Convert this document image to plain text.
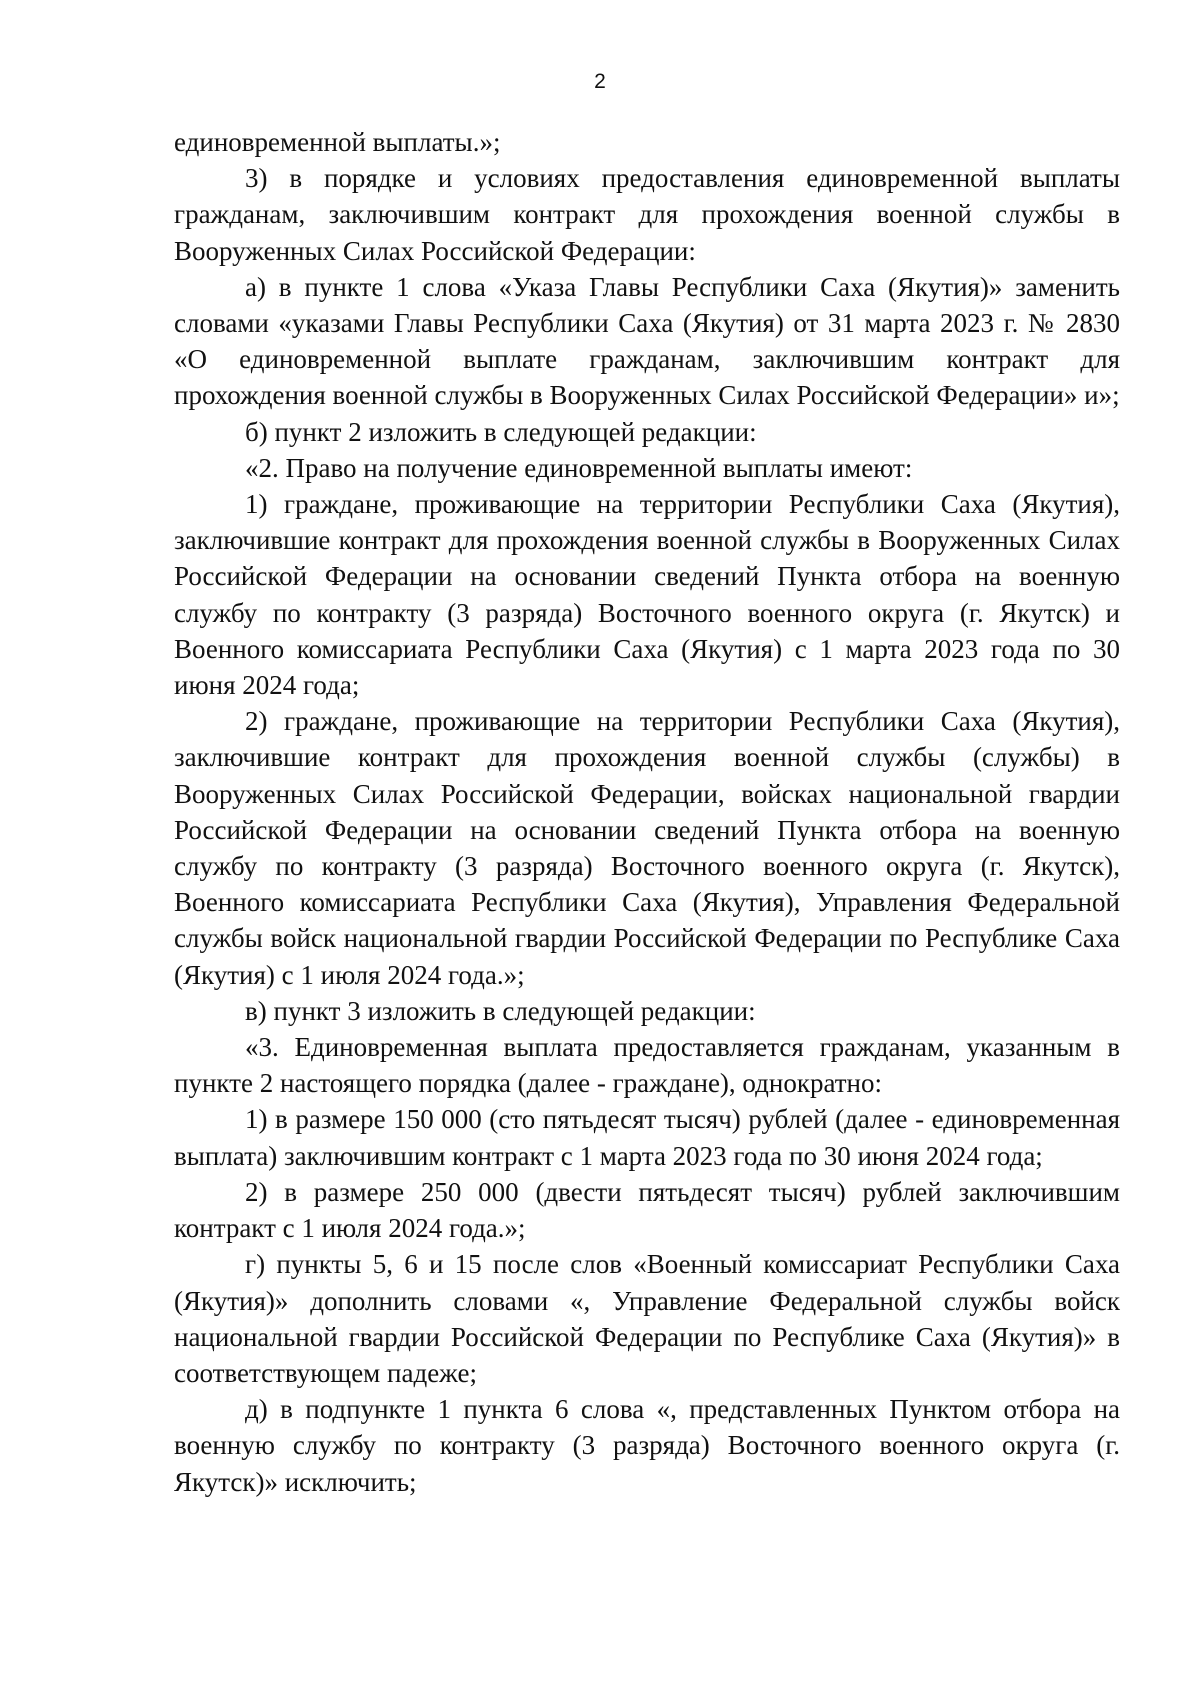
2

единовременной выплаты.»;

3) в порядке и условиях предоставления единовременной выплаты гражданам, заключившим контракт для прохождения военной службы в Вооруженных Силах Российской Федерации:

а) в пункте 1 слова «Указа Главы Республики Саха (Якутия)» заменить словами «указами Главы Республики Саха (Якутия) от 31 марта 2023 г. № 2830 «О единовременной выплате гражданам, заключившим контракт для прохождения военной службы в Вооруженных Силах Российской Федерации» и»;

б) пункт 2 изложить в следующей редакции:

«2. Право на получение единовременной выплаты имеют:

1) граждане, проживающие на территории Республики Саха (Якутия), заключившие контракт для прохождения военной службы в Вооруженных Силах Российской Федерации на основании сведений Пункта отбора на военную службу по контракту (3 разряда) Восточного военного округа (г. Якутск) и Военного комиссариата Республики Саха (Якутия) с 1 марта 2023 года по 30 июня 2024 года;

2) граждане, проживающие на территории Республики Саха (Якутия), заключившие контракт для прохождения военной службы (службы) в Вооруженных Силах Российской Федерации, войсках национальной гвардии Российской Федерации на основании сведений Пункта отбора на военную службу по контракту (3 разряда) Восточного военного округа (г. Якутск), Военного комиссариата Республики Саха (Якутия), Управления Федеральной службы войск национальной гвардии Российской Федерации по Республике Саха (Якутия) с 1 июля 2024 года.»;

в) пункт 3 изложить в следующей редакции:

«3. Единовременная выплата предоставляется гражданам, указанным в пункте 2 настоящего порядка (далее - граждане), однократно:

1) в размере 150 000 (сто пятьдесят тысяч) рублей (далее - единовременная выплата) заключившим контракт с 1 марта 2023 года по 30 июня 2024 года;

2) в размере 250 000 (двести пятьдесят тысяч) рублей заключившим контракт с 1 июля 2024 года.»;

г) пункты 5, 6 и 15 после слов «Военный комиссариат Республики Саха (Якутия)» дополнить словами «, Управление Федеральной службы войск национальной гвардии Российской Федерации по Республике Саха (Якутия)» в соответствующем падеже;

д) в подпункте 1 пункта 6 слова «, представленных Пунктом отбора на военную службу по контракту (3 разряда) Восточного военного округа (г. Якутск)» исключить;
